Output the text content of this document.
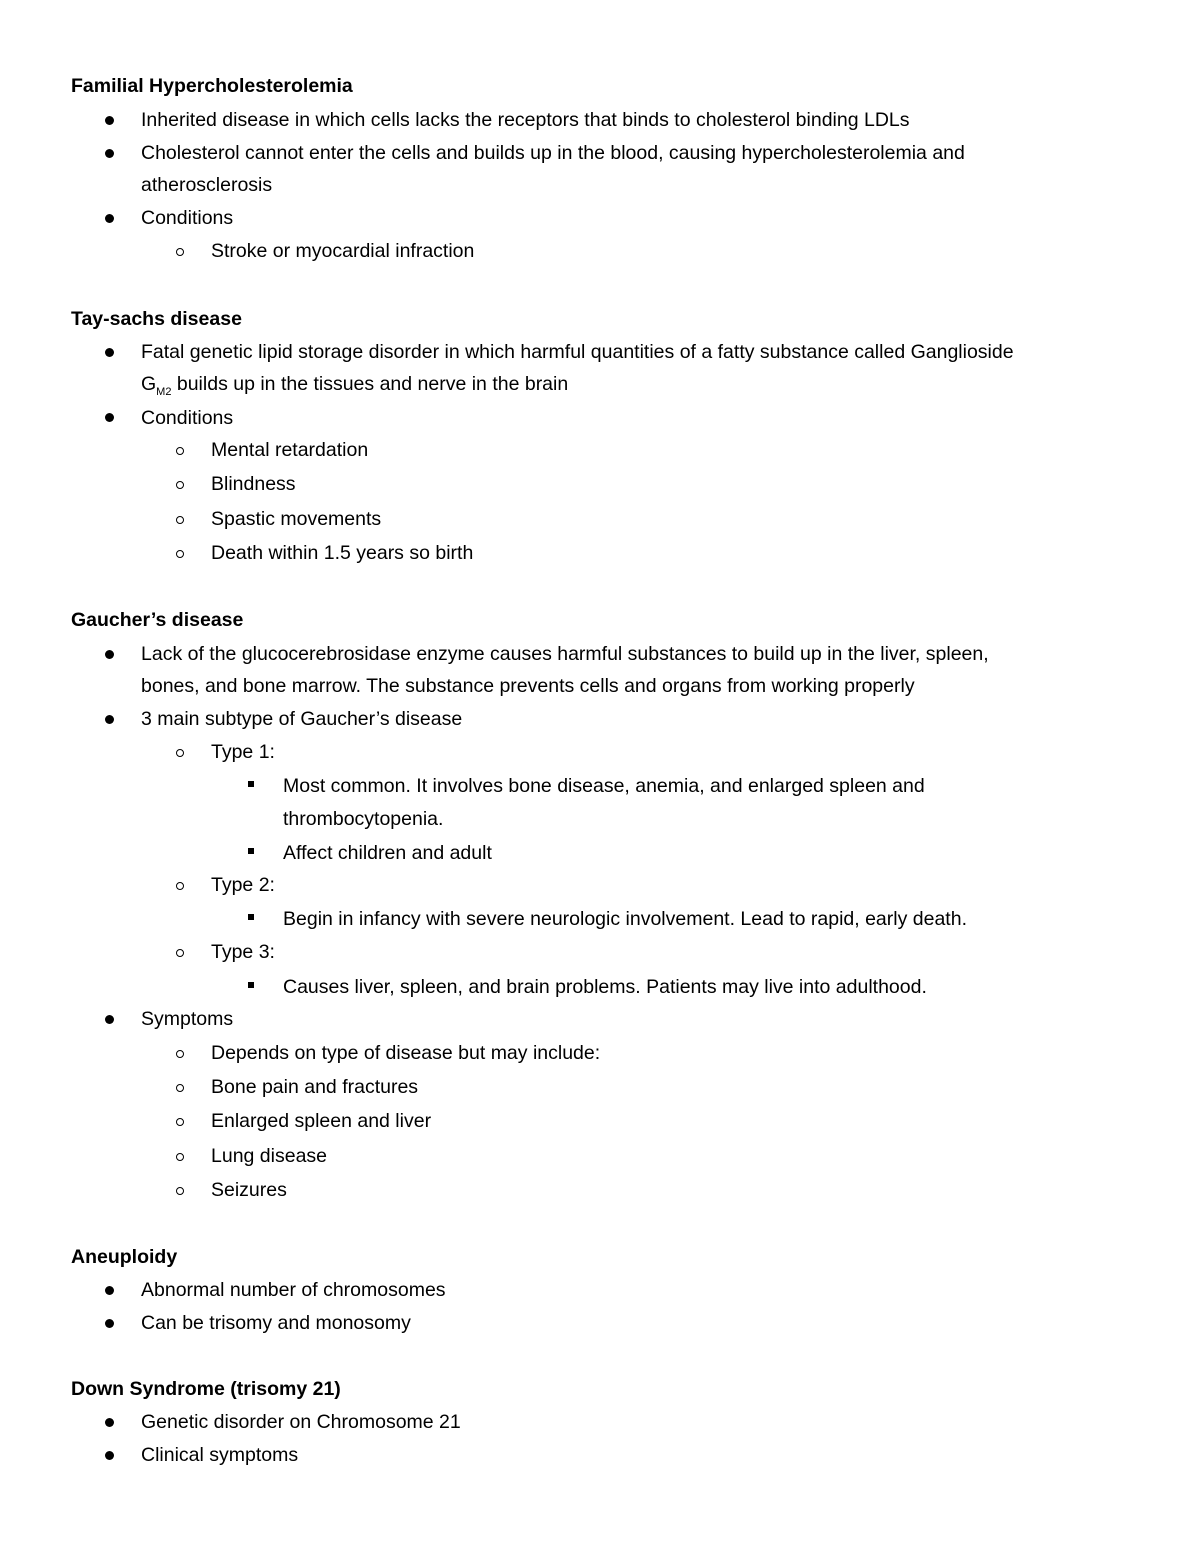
Familial Hypercholesterolemia
Inherited disease in which cells lacks the receptors that binds to cholesterol binding LDLs
Cholesterol cannot enter the cells and builds up in the blood, causing hypercholesterolemia and
atherosclerosis
Conditions
Stroke or myocardial infraction
Tay-sachs disease
Fatal genetic lipid storage disorder in which harmful quantities of a fatty substance called Ganglioside
$G_{M2}$ builds up in the tissues and nerve in the brain
Conditions
Mental retardation
Blindness
Spastic movements
Death within 1.5 years so birth
Gaucher’s disease
Lack of the glucocerebrosidase enzyme causes harmful substances to build up in the liver, spleen,
bones, and bone marrow. The substance prevents cells and organs from working properly
3 main subtype of Gaucher’s disease
Type 1:
Most common. It involves bone disease, anemia, and enlarged spleen and
thrombocytopenia.
Affect children and adult
Type 2:
Begin in infancy with severe neurologic involvement. Lead to rapid, early death.
Type 3:
Causes liver, spleen, and brain problems. Patients may live into adulthood.
Symptoms
Depends on type of disease but may include:
Bone pain and fractures
Enlarged spleen and liver
Lung disease
Seizures
Aneuploidy
Abnormal number of chromosomes
Can be trisomy and monosomy
Down Syndrome (trisomy 21)
Genetic disorder on Chromosome 21
Clinical symptoms
